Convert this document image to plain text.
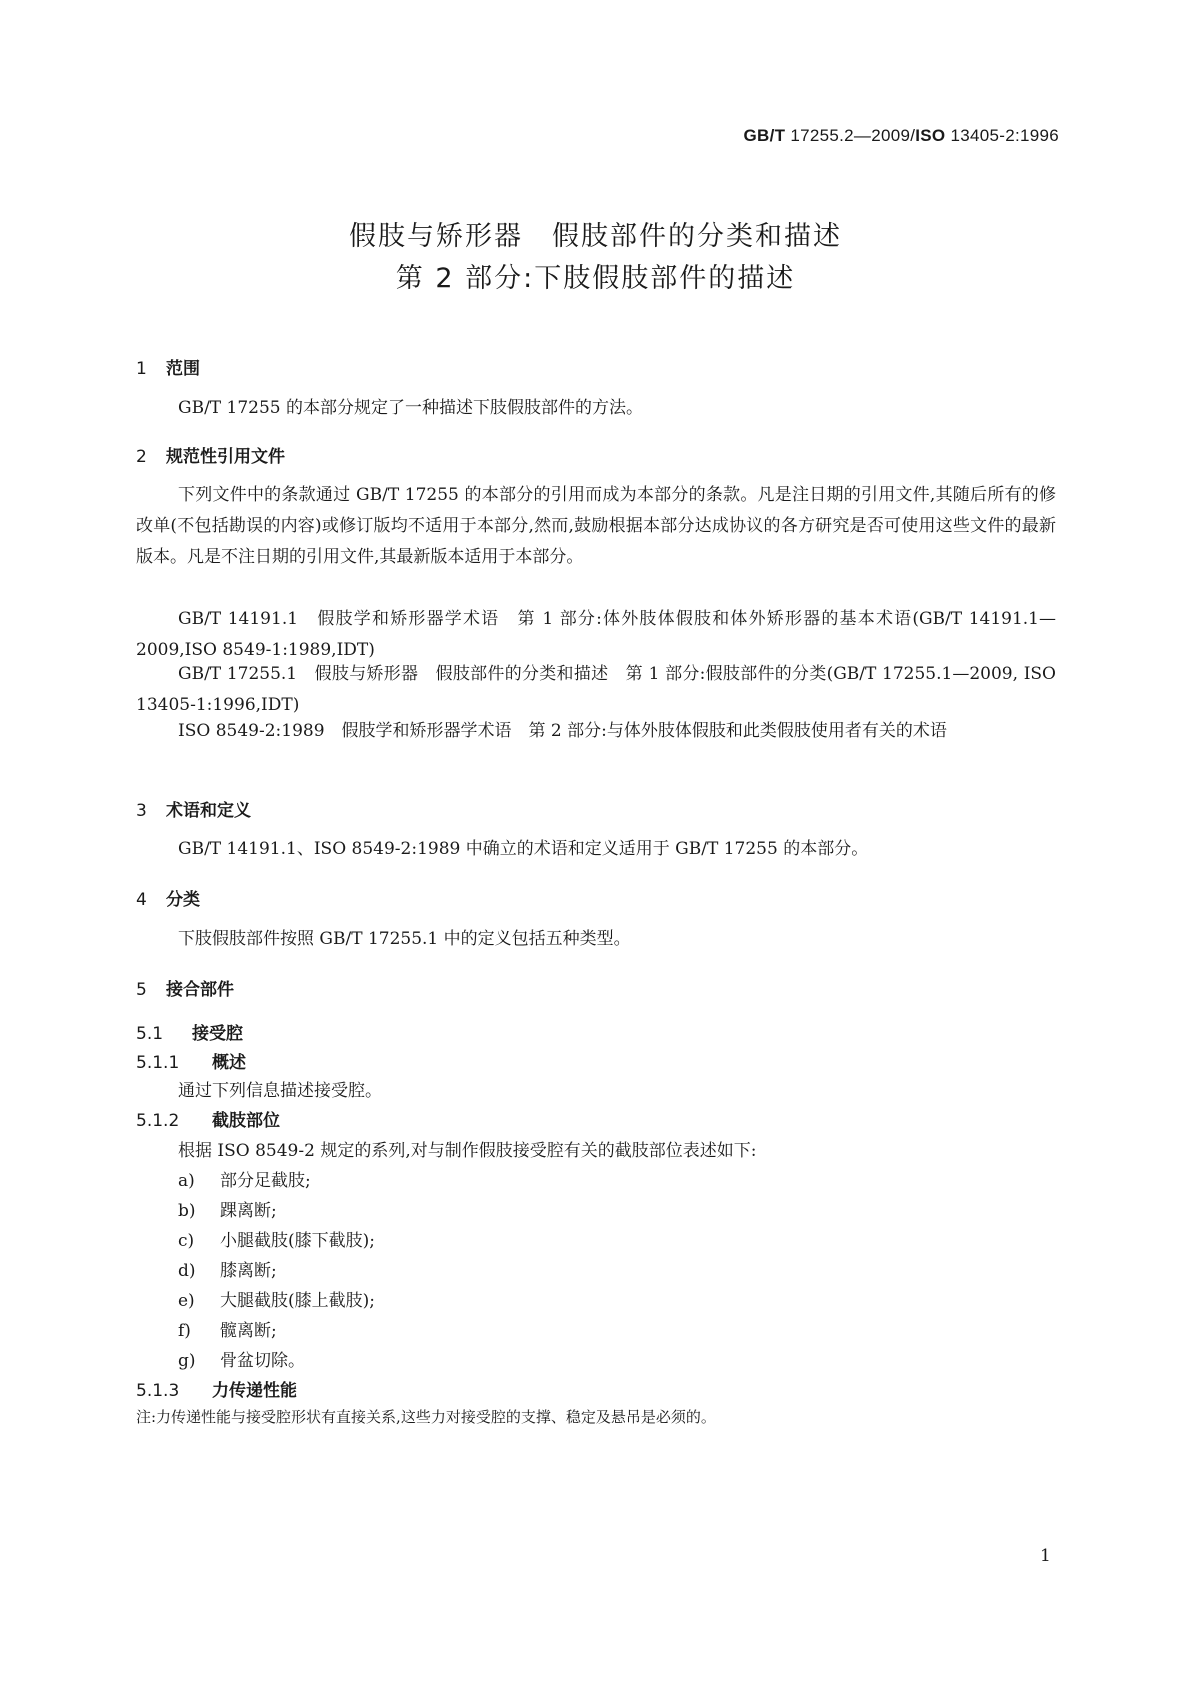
GB/T 17255.2—2009/ISO 13405-2:1996
假肢与矫形器　假肢部件的分类和描述
第 2 部分:下肢假肢部件的描述
1 范围
GB/T 17255 的本部分规定了一种描述下肢假肢部件的方法。
2 规范性引用文件
下列文件中的条款通过 GB/T 17255 的本部分的引用而成为本部分的条款。凡是注日期的引用文件,其随后所有的修改单(不包括勘误的内容)或修订版均不适用于本部分,然而,鼓励根据本部分达成协议的各方研究是否可使用这些文件的最新版本。凡是不注日期的引用文件,其最新版本适用于本部分。
GB/T 14191.1　假肢学和矫形器学术语　第 1 部分:体外肢体假肢和体外矫形器的基本术语(GB/T 14191.1—2009,ISO 8549-1:1989,IDT)
GB/T 17255.1　假肢与矫形器　假肢部件的分类和描述　第 1 部分:假肢部件的分类(GB/T 17255.1—2009, ISO 13405-1:1996,IDT)
ISO 8549-2:1989　假肢学和矫形器学术语　第 2 部分:与体外肢体假肢和此类假肢使用者有关的术语
3 术语和定义
GB/T 14191.1、ISO 8549-2:1989 中确立的术语和定义适用于 GB/T 17255 的本部分。
4 分类
下肢假肢部件按照 GB/T 17255.1 中的定义包括五种类型。
5 接合部件
5.1 接受腔
5.1.1 概述
通过下列信息描述接受腔。
5.1.2 截肢部位
根据 ISO 8549-2 规定的系列,对与制作假肢接受腔有关的截肢部位表述如下:
a) 部分足截肢;
b) 踝离断;
c) 小腿截肢(膝下截肢);
d) 膝离断;
e) 大腿截肢(膝上截肢);
f) 髋离断;
g) 骨盆切除。
5.1.3 力传递性能
注:力传递性能与接受腔形状有直接关系,这些力对接受腔的支撑、稳定及悬吊是必须的。
1
